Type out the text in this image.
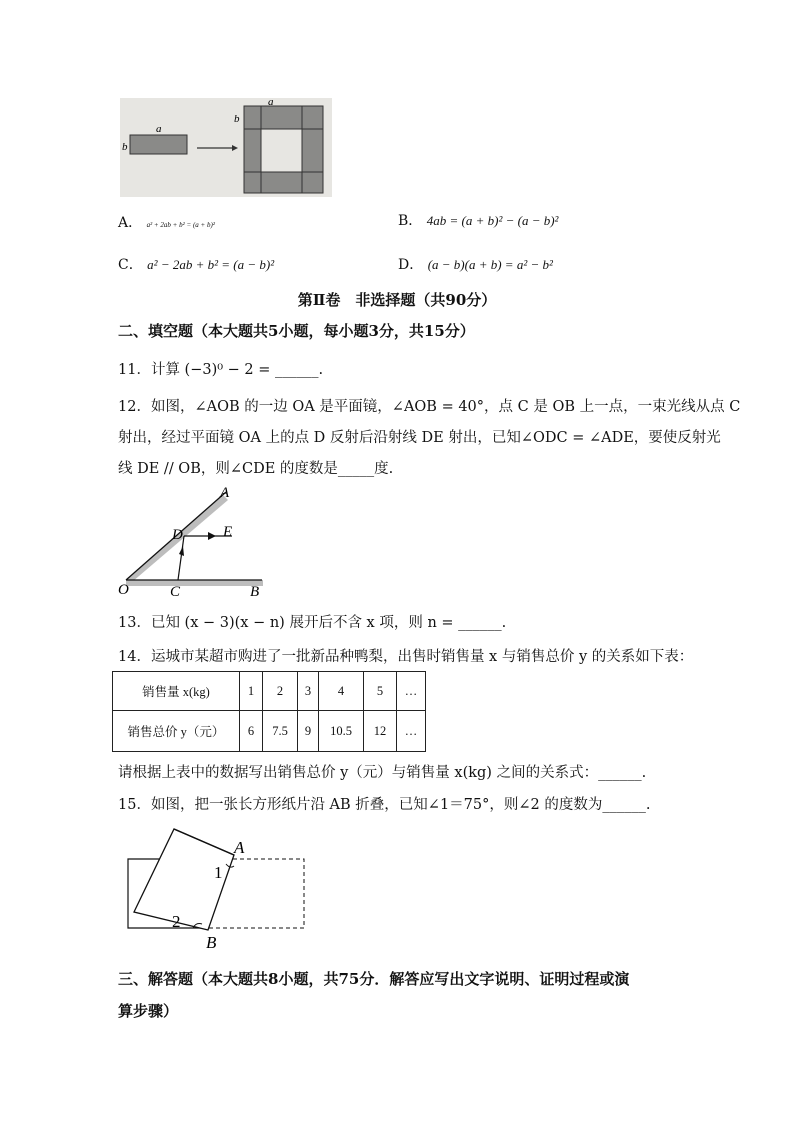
a
b
a
b
A． a² + 2ab + b² = (a + b)²	B． 4ab = (a + b)² − (a − b)²
C． a² − 2ab + b² = (a − b)²	D． (a − b)(a + b) = a² − b²
第Ⅱ卷　非选择题（共90分）
二、填空题（本大题共5小题，每小题3分，共15分）
11．计算 (−3)⁰ − 2 = ______.
12．如图，∠AOB 的一边 OA 是平面镜，∠AOB = 40°，点 C 是 OB 上一点，一束光线从点 C
射出，经过平面镜 OA 上的点 D 反射后沿射线 DE 射出，已知∠ODC = ∠ADE，要使反射光
线 DE // OB，则∠CDE 的度数是_____度.
A
D	E
O	C	B
13．已知 (x − 3)(x − n) 展开后不含 x 项，则 n = ______.
14．运城市某超市购进了一批新品种鸭梨，出售时销售量 x 与销售总价 y 的关系如下表：
销售量 x(kg)	1	2	3	4	5	…
销售总价 y（元）	6	7.5	9	10.5	12	…
请根据上表中的数据写出销售总价 y（元）与销售量 x(kg) 之间的关系式：______.
15．如图，把一张长方形纸片沿 AB 折叠，已知∠1＝75°，则∠2 的度数为______.
A
B
1
2
三、解答题（本大题共8小题，共75分．解答应写出文字说明、证明过程或演
算步骤）
